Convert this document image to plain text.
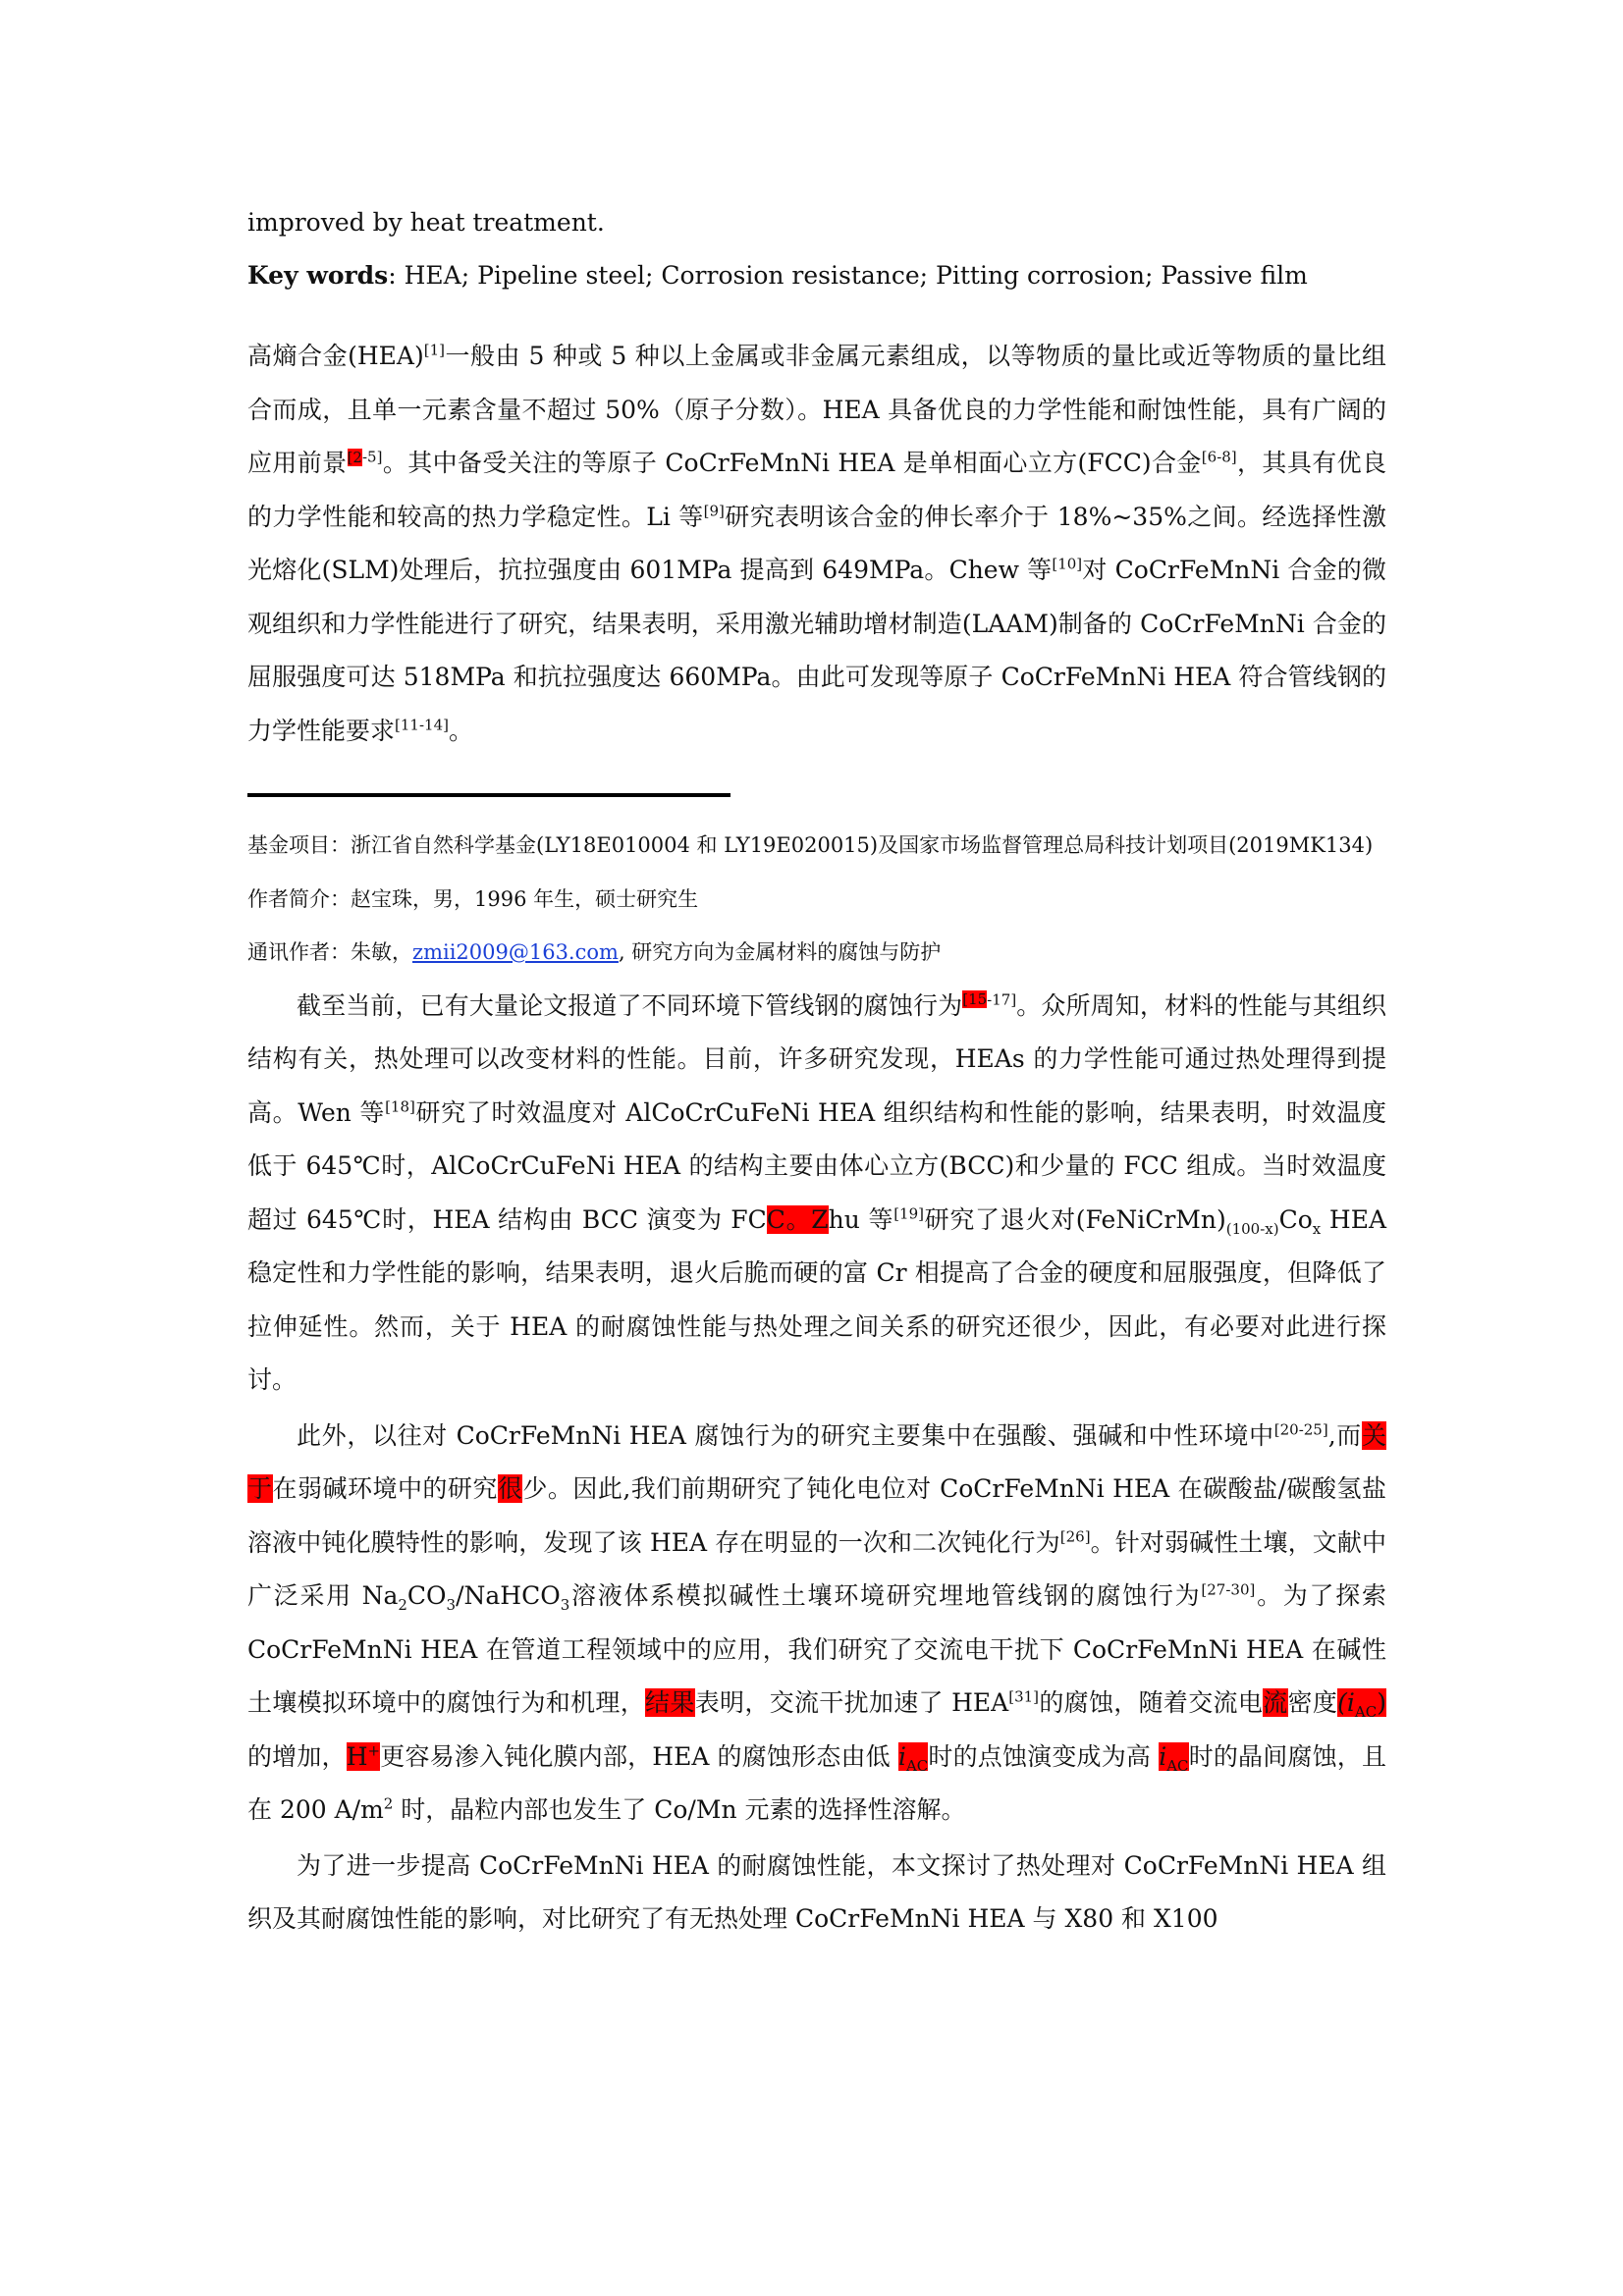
improved by heat treatment.

Key words: HEA; Pipeline steel; Corrosion resistance; Pitting corrosion; Passive film

高熵合金(HEA)[1]一般由 5 种或 5 种以上金属或非金属元素组成，以等物质的量比或近等物质的量比组合而成，且单一元素含量不超过 50%（原子分数）。HEA 具备优良的力学性能和耐蚀性能，具有广阔的应用前景[2-5]。其中备受关注的等原子 CoCrFeMnNi HEA 是单相面心立方(FCC)合金[6-8]，其具有优良的力学性能和较高的热力学稳定性。Li 等[9]研究表明该合金的伸长率介于 18%~35%之间。经选择性激光熔化(SLM)处理后，抗拉强度由 601MPa 提高到 649MPa。Chew 等[10]对 CoCrFeMnNi 合金的微观组织和力学性能进行了研究，结果表明，采用激光辅助增材制造(LAAM)制备的 CoCrFeMnNi 合金的屈服强度可达 518MPa 和抗拉强度达 660MPa。由此可发现等原子 CoCrFeMnNi HEA 符合管线钢的力学性能要求[11-14]。

基金项目：浙江省自然科学基金(LY18E010004 和 LY19E020015)及国家市场监督管理总局科技计划项目(2019MK134)

作者简介：赵宝珠，男，1996 年生，硕士研究生

通讯作者：朱敏，zmii2009@163.com, 研究方向为金属材料的腐蚀与防护

截至当前，已有大量论文报道了不同环境下管线钢的腐蚀行为[15-17]。众所周知，材料的性能与其组织结构有关，热处理可以改变材料的性能。目前，许多研究发现，HEAs 的力学性能可通过热处理得到提高。Wen 等[18]研究了时效温度对 AlCoCrCuFeNi HEA 组织结构和性能的影响，结果表明，时效温度低于 645℃时，AlCoCrCuFeNi HEA 的结构主要由体心立方(BCC)和少量的 FCC 组成。当时效温度超过 645℃时，HEA 结构由 BCC 演变为 FCC。Zhu 等[19]研究了退火对$(FeNiCrMn)_{(100-x)}Co_x$ HEA 稳定性和力学性能的影响，结果表明，退火后脆而硬的富 Cr 相提高了合金的硬度和屈服强度，但降低了拉伸延性。然而，关于 HEA 的耐腐蚀性能与热处理之间关系的研究还很少，因此，有必要对此进行探讨。

此外，以往对 CoCrFeMnNi HEA 腐蚀行为的研究主要集中在强酸、强碱和中性环境中[20-25],而关于在弱碱环境中的研究很少。因此,我们前期研究了钝化电位对 CoCrFeMnNi HEA 在碳酸盐/碳酸氢盐溶液中钝化膜特性的影响，发现了该 HEA 存在明显的一次和二次钝化行为[26]。针对弱碱性土壤，文献中广泛采用 $Na_2CO_3/NaHCO_3$溶液体系模拟碱性土壤环境研究埋地管线钢的腐蚀行为[27-30]。为了探索 CoCrFeMnNi HEA 在管道工程领域中的应用，我们研究了交流电干扰下 CoCrFeMnNi HEA 在碱性土壤模拟环境中的腐蚀行为和机理，结果表明，交流干扰加速了 HEA[31]的腐蚀，随着交流电流密度$(i_{AC})$的增加，H+更容易渗入钝化膜内部，HEA 的腐蚀形态由低 $i_{AC}$时的点蚀演变成为高 $i_{AC}$时的晶间腐蚀，且在 200 $A/m^2$ 时，晶粒内部也发生了 Co/Mn 元素的选择性溶解。

为了进一步提高 CoCrFeMnNi HEA 的耐腐蚀性能，本文探讨了热处理对 CoCrFeMnNi HEA 组织及其耐腐蚀性能的影响，对比研究了有无热处理 CoCrFeMnNi HEA 与 X80 和 X100
